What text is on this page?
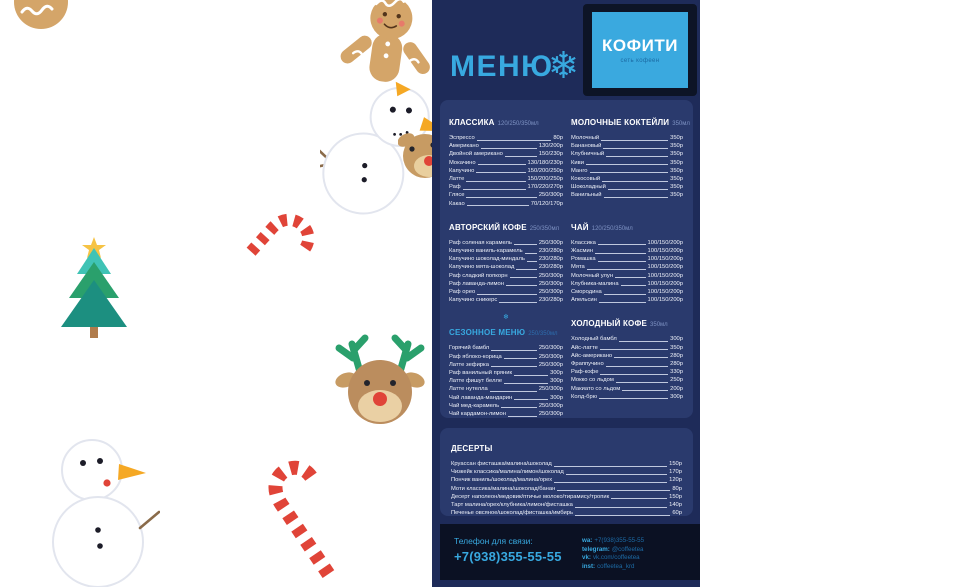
МЕНЮ
❄ КОФИТИ
сеть кофеен
КЛАССИКА 120/250/350мл
Эспрессо	80р
Американо	130/200р
Двойной американо	150/230р
Мокачино	130/180/230р
Капучино	150/200/250р
Латте	150/200/250р
Раф	170/220/270р
Глясе	250/300р
Какао	70/120/170р
МОЛОЧНЫЕ КОКТЕЙЛИ 350мл
Молочный	350р
Банановый	350р
Клубничный	350р
Киви	350р
Манго	350р
Кокосовый	350р
Шоколадный	350р
Ванильный	350р
АВТОРСКИЙ КОФЕ 250/350мл
Раф соленая карамель	250/300р
Капучино ваниль-карамель	230/280р
Капучино шоколад-миндаль 230/280р
Капучино мята-шоколад	230/280р
Раф сладкий попкорн	250/300р
Раф лаванда-лимон	250/300р
Раф орео	250/300р
Капучино сникерс	230/280р
ЧАЙ 120/250/350мл
Классика	100/150/200р
Жасмин	100/150/200р
Ромашка	100/150/200р
Мята	100/150/200р
Молочный улун	100/150/200р
Клубника-малина	100/150/200р
Смородина	100/150/200р
Апельсин	100/150/200р
❄
СЕЗОННОЕ МЕНЮ 250/350мл
Горячий бамбл	250/300р
Раф яблоко-корица	250/300р
Латте зефирка	250/300р
Раф ванильный пряник	300р
Латте фишут белле	300р
Латте нутелла	250/300р
Чай лаванда-мандарин	300р
Чай мед-карамель	250/300р
Чай кардамон-лимон	250/300р
ХОЛОДНЫЙ КОФЕ 350мл
Холодный бамбл	300р
Айс-латте	350р
Айс-американо	280р
Фраппучино	280р
Раф-кофе	330р
Мокко со льдом	250р
Макиато со льдом	200р
Колд-брю	300р
ДЕСЕРТЫ
Круассан фисташка/малина/шоколад	150р
Чизкейк классика/малина/лимон/шоколад	170р
Пончик ваниль/шоколад/малина/орех	120р
Моти классика/малина/шоколад/банан	80р
Десерт наполеон/медовик/птичье молоко/тирамису/тропик	150р
Тарт малина/орех/клубника/лимон/фисташка	140р
Печенье овсяное/шоколад/фисташка/имбирь	60р
Телефон для связи:
+7(938)355-55-55
wa: +7(938)355-55-55
telegram: @coffeetea
vk: vk.com/coffeetea
inst: coffeetea_krd
